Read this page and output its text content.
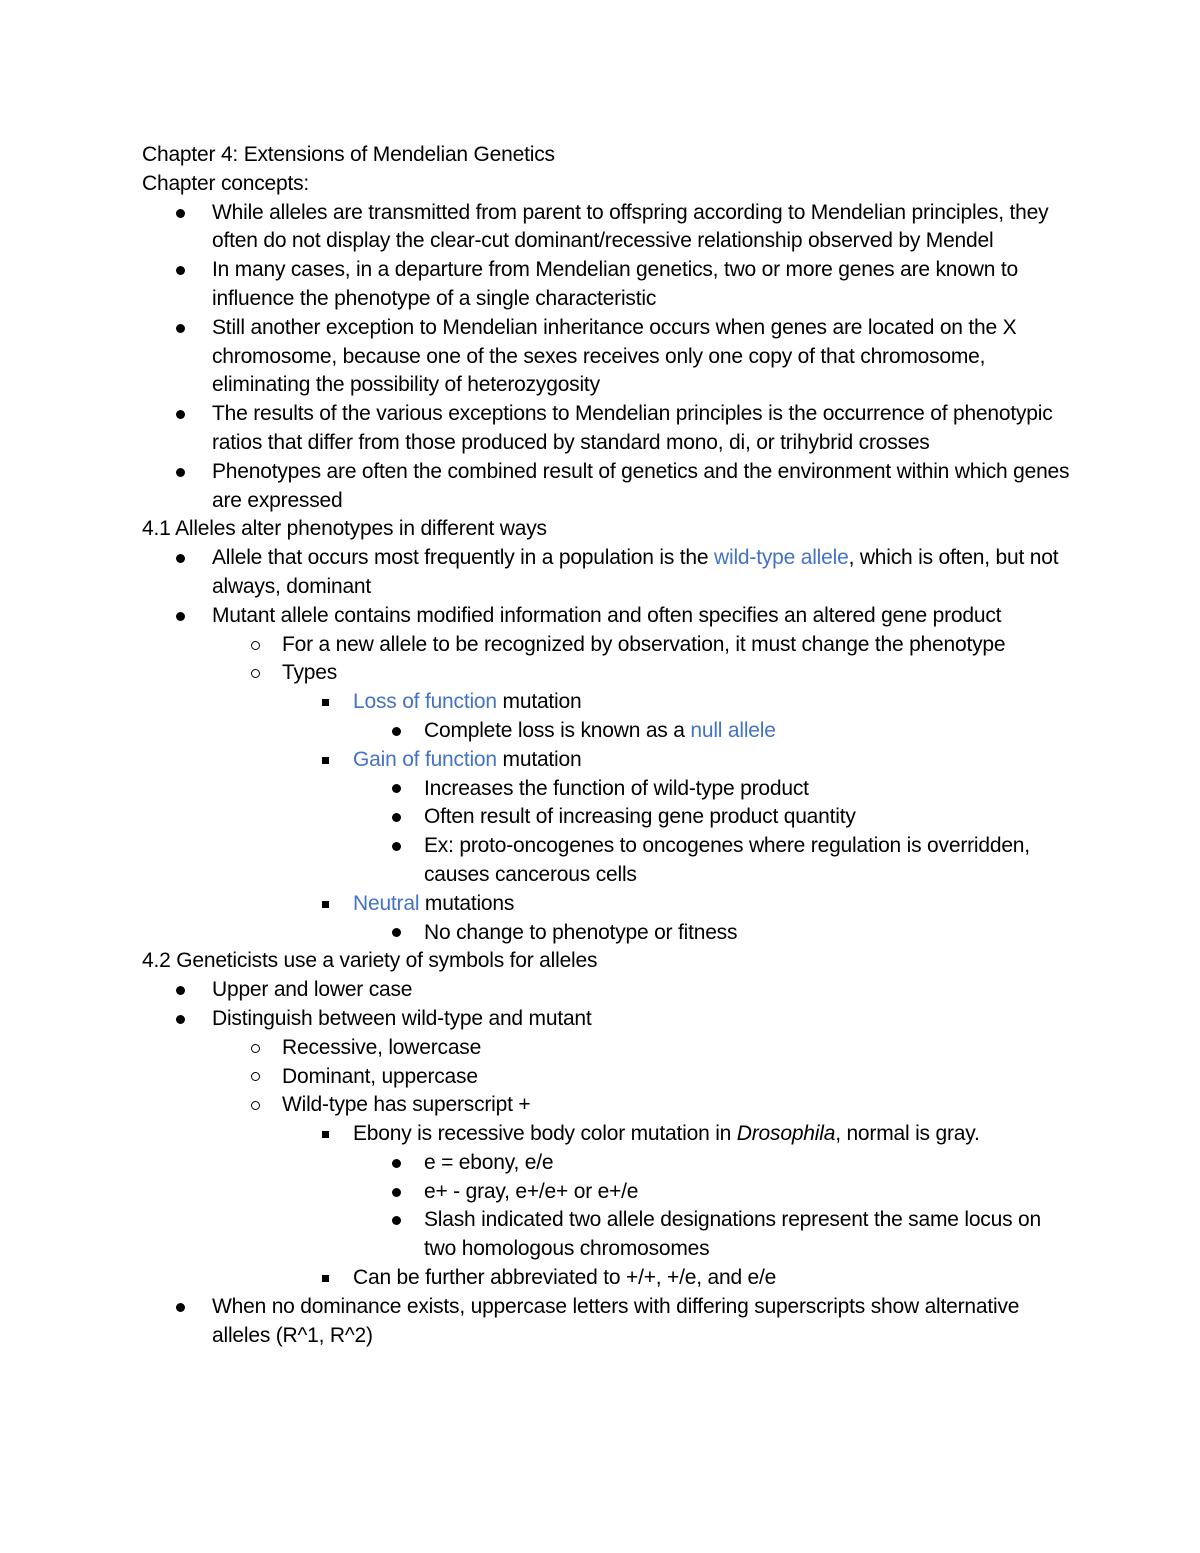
Chapter 4: Extensions of Mendelian Genetics
Chapter concepts:
While alleles are transmitted from parent to offspring according to Mendelian principles, they often do not display the clear-cut dominant/recessive relationship observed by Mendel
In many cases, in a departure from Mendelian genetics, two or more genes are known to influence the phenotype of a single characteristic
Still another exception to Mendelian inheritance occurs when genes are located on the X chromosome, because one of the sexes receives only one copy of that chromosome, eliminating the possibility of heterozygosity
The results of the various exceptions to Mendelian principles is the occurrence of phenotypic ratios that differ from those produced by standard mono, di, or trihybrid crosses
Phenotypes are often the combined result of genetics and the environment within which genes are expressed
4.1 Alleles alter phenotypes in different ways
Allele that occurs most frequently in a population is the wild-type allele, which is often, but not always, dominant
Mutant allele contains modified information and often specifies an altered gene product
For a new allele to be recognized by observation, it must change the phenotype
Types
Loss of function mutation
Complete loss is known as a null allele
Gain of function mutation
Increases the function of wild-type product
Often result of increasing gene product quantity
Ex: proto-oncogenes to oncogenes where regulation is overridden, causes cancerous cells
Neutral mutations
No change to phenotype or fitness
4.2 Geneticists use a variety of symbols for alleles
Upper and lower case
Distinguish between wild-type and mutant
Recessive, lowercase
Dominant, uppercase
Wild-type has superscript +
Ebony is recessive body color mutation in Drosophila, normal is gray.
e = ebony, e/e
e+ - gray, e+/e+ or e+/e
Slash indicated two allele designations represent the same locus on two homologous chromosomes
Can be further abbreviated to +/+, +/e, and e/e
When no dominance exists, uppercase letters with differing superscripts show alternative alleles (R^1, R^2)
